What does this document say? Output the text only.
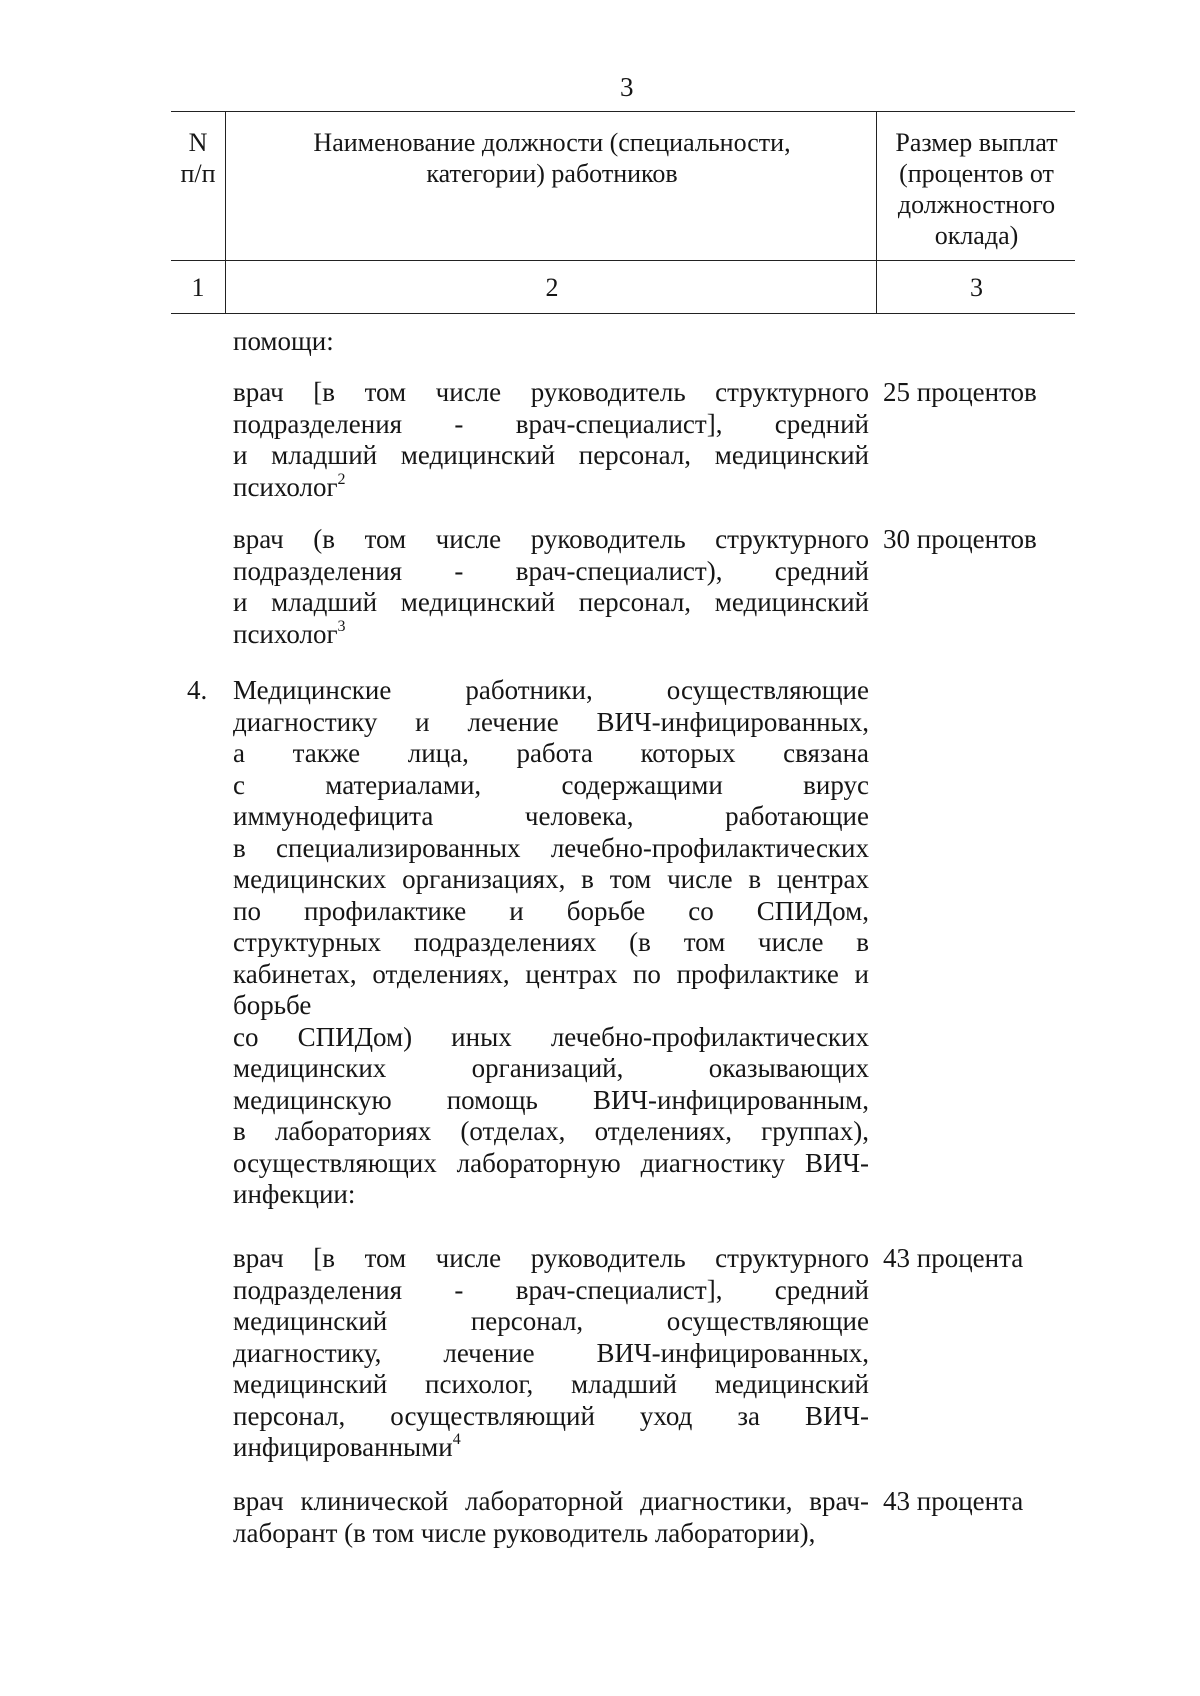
3
N п/п
Наименование должности (специальности,
категории) работников
Размер выплат
(процентов от
должностного
оклада)
1	2	3
помощи:
врач [в том числе руководитель структурного
подразделения - врач-специалист], средний
и младший медицинский персонал, медицинский
психолог$^2$
25 процентов
врач (в том числе руководитель структурного
подразделения - врач-специалист), средний
и младший медицинский персонал, медицинский
психолог$^3$
30 процентов
4. Медицинские работники, осуществляющие
диагностику и лечение ВИЧ-инфицированных,
а также лица, работа которых связана
с материалами, содержащими вирус
иммунодефицита человека, работающие
в специализированных лечебно-профилактических
медицинских организациях, в том числе в центрах
по профилактике и борьбе со СПИДом,
структурных подразделениях (в том числе в
кабинетах, отделениях, центрах по профилактике и
борьбе
со СПИДом) иных лечебно-профилактических
медицинских организаций, оказывающих
медицинскую помощь ВИЧ-инфицированным,
в лабораториях (отделах, отделениях, группах),
осуществляющих лабораторную диагностику ВИЧ-
инфекции:
врач [в том числе руководитель структурного
подразделения - врач-специалист], средний
медицинский персонал, осуществляющие
диагностику, лечение ВИЧ-инфицированных,
медицинский психолог, младший медицинский
персонал, осуществляющий уход за ВИЧ-
инфицированными$^4$
43 процента
врач клинической лабораторной диагностики, врач-
лаборант (в том числе руководитель лаборатории),
43 процента
